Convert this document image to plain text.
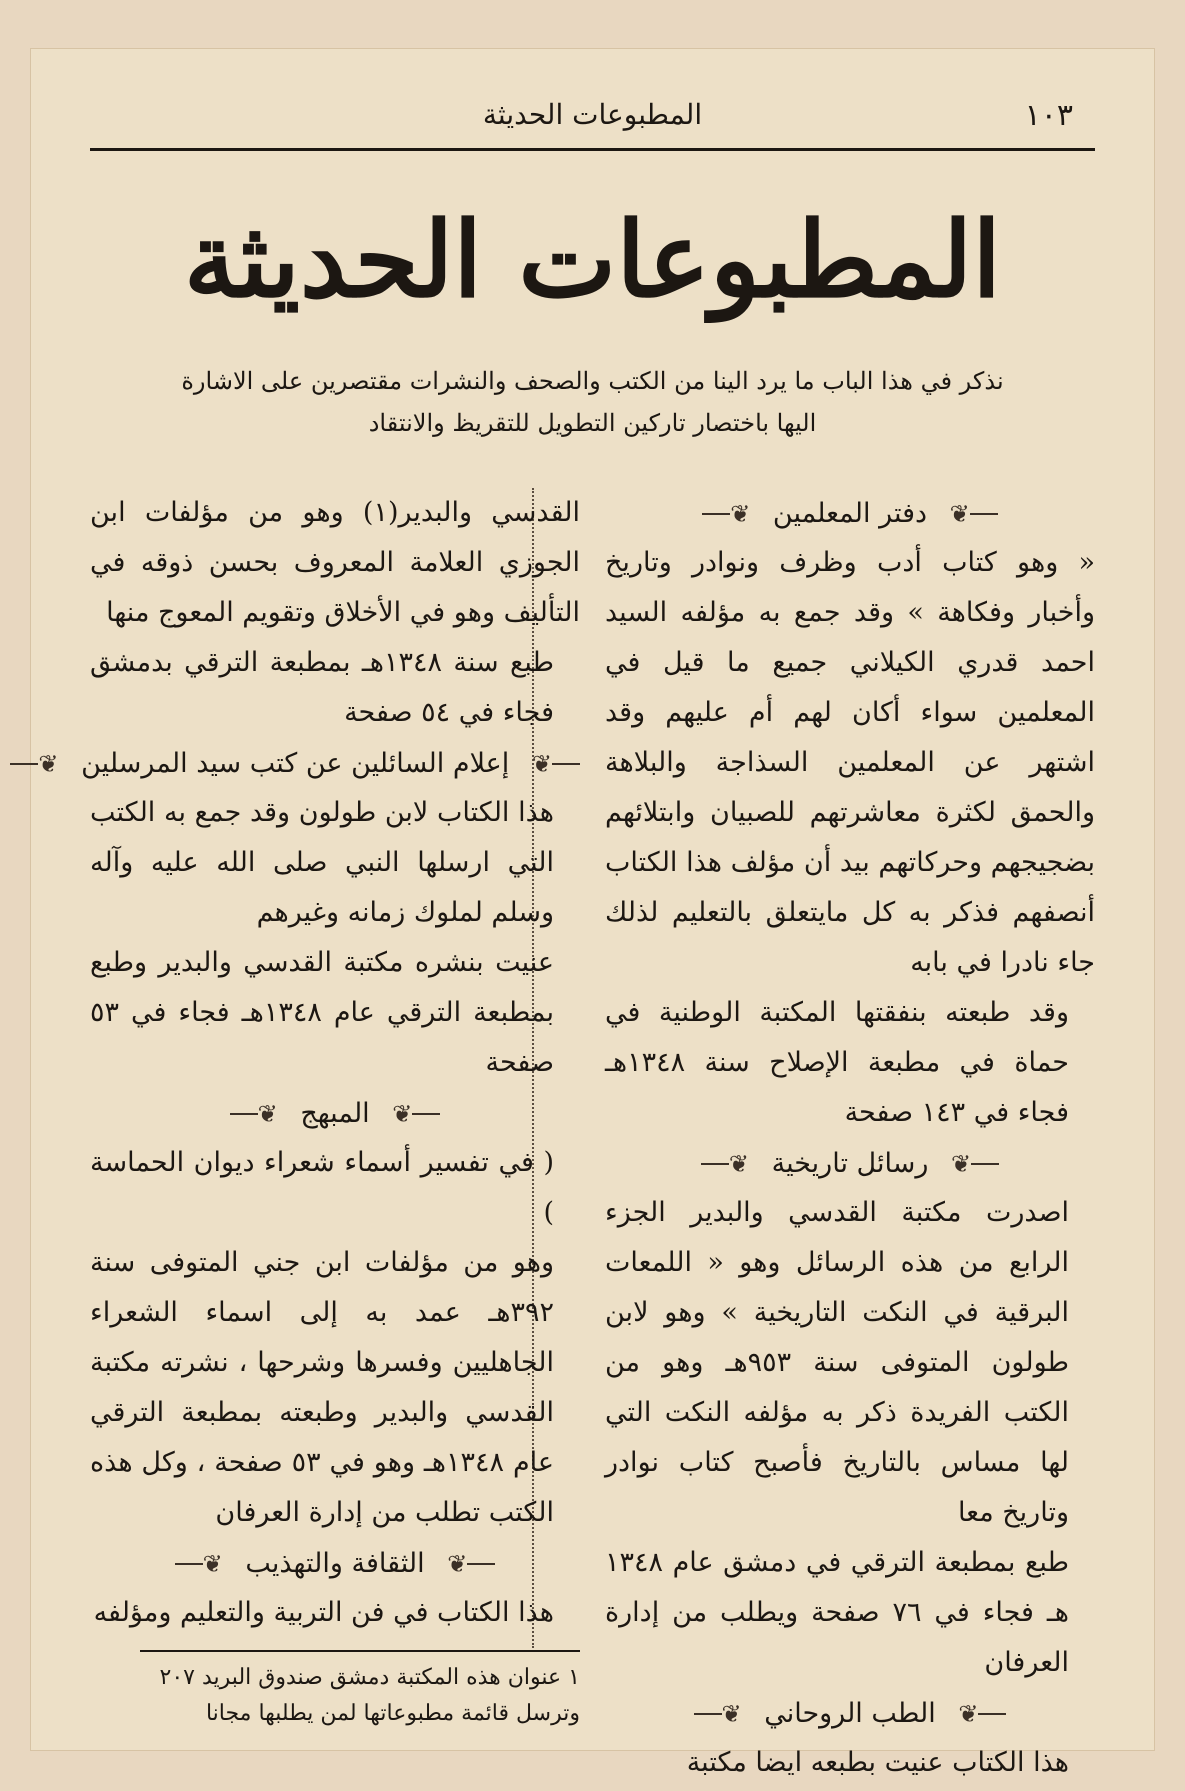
١٠٣
المطبوعات الحديثة
المطبوعات الحديثة
نذكر في هذا الباب ما يرد الينا من الكتب والصحف والنشرات مقتصرين على الاشارة اليها باختصار تاركين التطويل للتقريظ والانتقاد
❦ دفتر المعلمين ❦

« وهو كتاب أدب وظرف ونوادر وتاريخ وأخبار وفكاهة » وقد جمع به مؤلفه السيد احمد قدري الكيلاني جميع ما قيل في المعلمين سواء أكان لهم أم عليهم وقد اشتهر عن المعلمين السذاجة والبلاهة والحمق لكثرة معاشرتهم للصبيان وابتلائهم بضجيجهم وحركاتهم بيد أن مؤلف هذا الكتاب أنصفهم فذكر به كل مايتعلق بالتعليم لذلك جاء نادرا في بابه

وقد طبعته بنفقتها المكتبة الوطنية في حماة في مطبعة الإصلاح سنة ١٣٤٨هـ فجاء في ١٤٣ صفحة

❦ رسائل تاريخية ❦

اصدرت مكتبة القدسي والبدير الجزء الرابع من هذه الرسائل وهو « اللمعات البرقية في النكت التاريخية » وهو لابن طولون المتوفى سنة ٩٥٣هـ وهو من الكتب الفريدة ذكر به مؤلفه النكت التي لها مساس بالتاريخ فأصبح كتاب نوادر وتاريخ معا

طبع بمطبعة الترقي في دمشق عام ١٣٤٨ هـ فجاء في ٧٦ صفحة ويطلب من إدارة العرفان

❦ الطب الروحاني ❦

هذا الكتاب عنيت بطبعه ايضا مكتبة

القدسي والبدير(١) وهو من مؤلفات ابن الجوزي العلامة المعروف بحسن ذوقه في التأليف وهو في الأخلاق وتقويم المعوج منها

طبع سنة ١٣٤٨هـ بمطبعة الترقي بدمشق فجاء في ٥٤ صفحة

❦ إعلام السائلين عن كتب سيد المرسلين ❦

هذا الكتاب لابن طولون وقد جمع به الكتب التي ارسلها النبي صلى الله عليه وآله وسلم لملوك زمانه وغيرهم

عنيت بنشره مكتبة القدسي والبدير وطبع بمطبعة الترقي عام ١٣٤٨هـ فجاء في ٥٣ صفحة

❦ المبهج ❦

( في تفسير أسماء شعراء ديوان الحماسة )

وهو من مؤلفات ابن جني المتوفى سنة ٣٩٢هـ عمد به إلى اسماء الشعراء الجاهليين وفسرها وشرحها ، نشرته مكتبة القدسي والبدير وطبعته بمطبعة الترقي عام ١٣٤٨هـ وهو في ٥٣ صفحة ، وكل هذه الكتب تطلب من إدارة العرفان

❦ الثقافة والتهذيب ❦

هذا الكتاب في فن التربية والتعليم ومؤلفه

١ عنوان هذه المكتبة دمشق صندوق البريد ٢٠٧ وترسل قائمة مطبوعاتها لمن يطلبها مجانا
